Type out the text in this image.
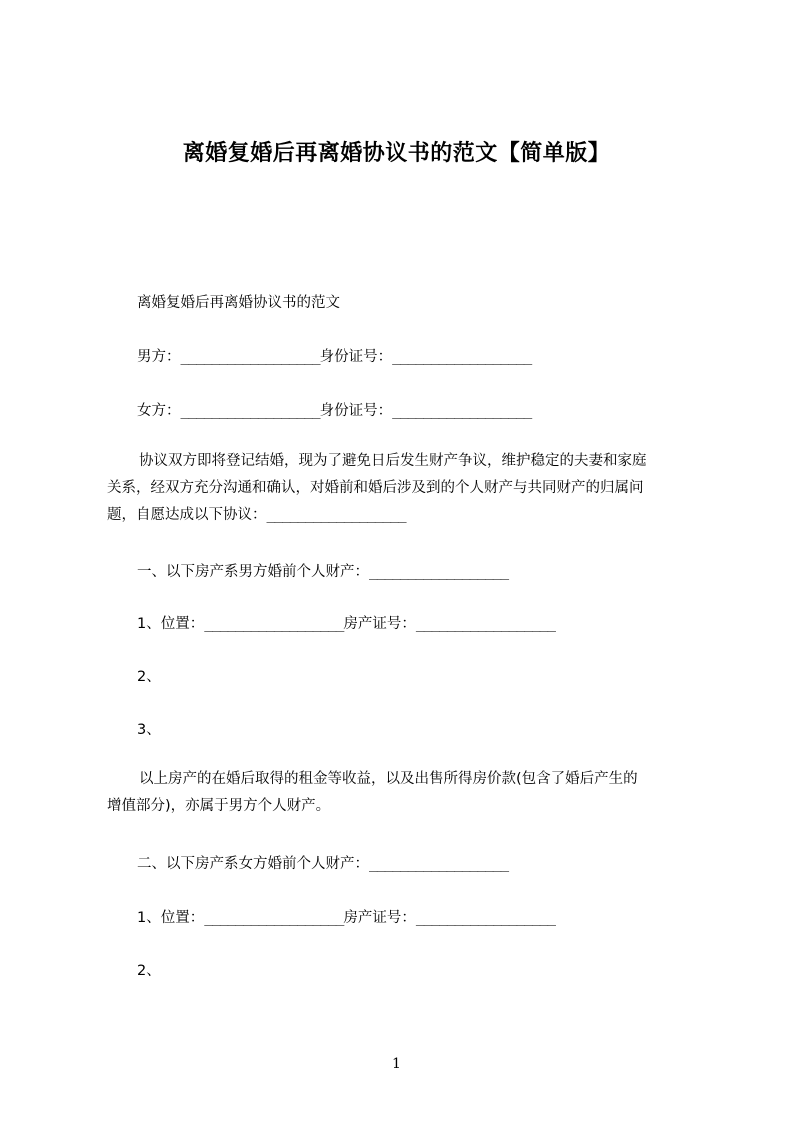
离婚复婚后再离婚协议书的范文【简单版】
离婚复婚后再离婚协议书的范文
男方：__________________身份证号：__________________
女方：__________________身份证号：__________________
协议双方即将登记结婚，现为了避免日后发生财产争议，维护稳定的夫妻和家庭
关系，经双方充分沟通和确认，对婚前和婚后涉及到的个人财产与共同财产的归属问
题，自愿达成以下协议：__________________
一、以下房产系男方婚前个人财产：__________________
1、位置：__________________房产证号：__________________
2、
3、
以上房产的在婚后取得的租金等收益，以及出售所得房价款(包含了婚后产生的
增值部分)，亦属于男方个人财产。
二、以下房产系女方婚前个人财产：__________________
1、位置：__________________房产证号：__________________
2、
1
